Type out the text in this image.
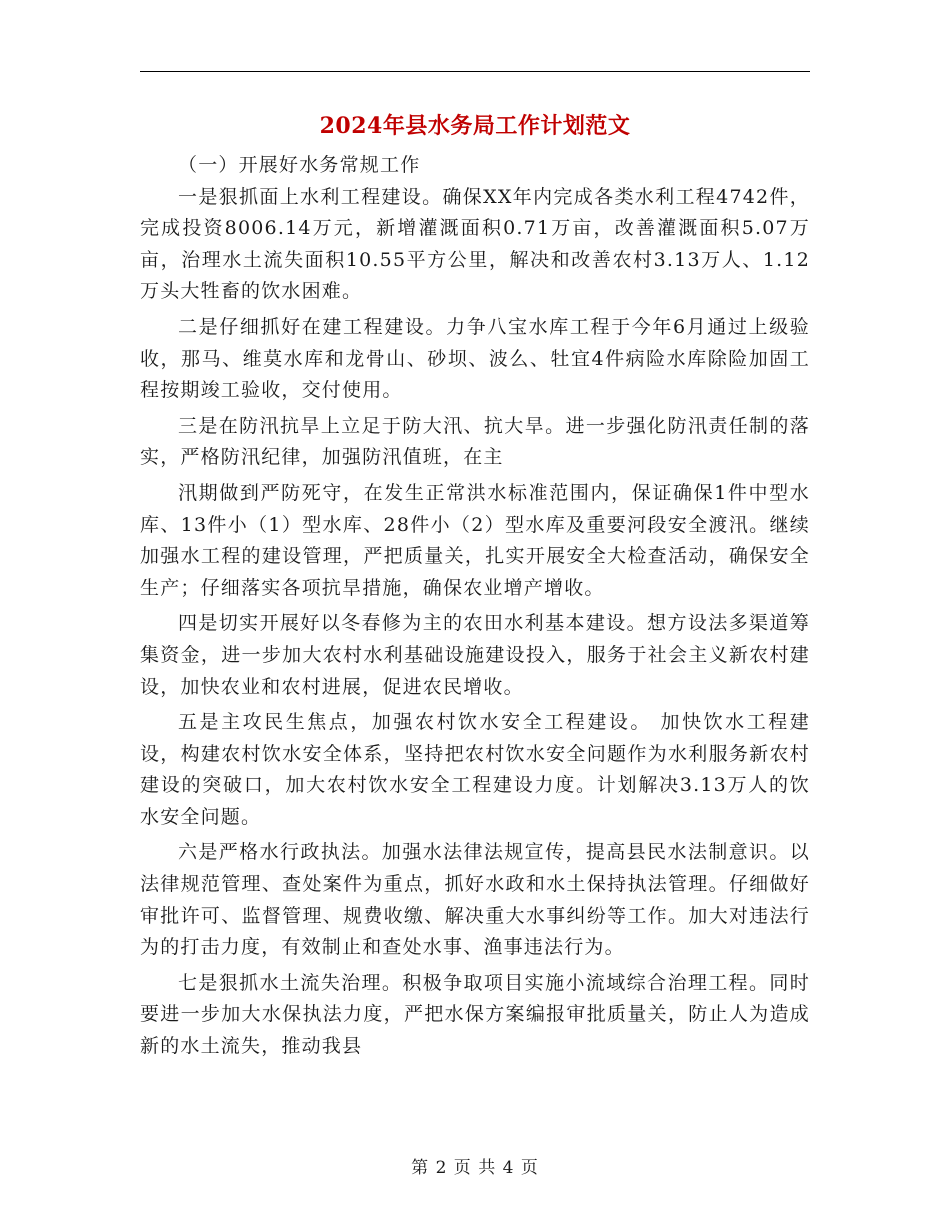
2024年县水务局工作计划范文

（一）开展好水务常规工作

一是狠抓面上水利工程建设。确保XX年内完成各类水利工程4742件，完成投资8006.14万元，新增灌溉面积0.71万亩，改善灌溉面积5.07万亩，治理水土流失面积10.55平方公里，解决和改善农村3.13万人、1.12万头大牲畜的饮水困难。

二是仔细抓好在建工程建设。力争八宝水库工程于今年6月通过上级验收，那马、维莫水库和龙骨山、砂坝、波么、牡宜4件病险水库除险加固工程按期竣工验收，交付使用。

三是在防汛抗旱上立足于防大汛、抗大旱。进一步强化防汛责任制的落实，严格防汛纪律，加强防汛值班，在主

汛期做到严防死守，在发生正常洪水标准范围内，保证确保1件中型水库、13件小（1）型水库、28件小（2）型水库及重要河段安全渡汛。继续加强水工程的建设管理，严把质量关，扎实开展安全大检查活动，确保安全生产；仔细落实各项抗旱措施，确保农业增产增收。

四是切实开展好以冬春修为主的农田水利基本建设。想方设法多渠道筹集资金，进一步加大农村水利基础设施建设投入，服务于社会主义新农村建设，加快农业和农村进展，促进农民增收。

五是主攻民生焦点，加强农村饮水安全工程建设。 加快饮水工程建设，构建农村饮水安全体系，坚持把农村饮水安全问题作为水利服务新农村建设的突破口，加大农村饮水安全工程建设力度。计划解决3.13万人的饮水安全问题。

六是严格水行政执法。加强水法律法规宣传，提高县民水法制意识。以法律规范管理、查处案件为重点，抓好水政和水土保持执法管理。仔细做好审批许可、监督管理、规费收缴、解决重大水事纠纷等工作。加大对违法行为的打击力度，有效制止和查处水事、渔事违法行为。

七是狠抓水土流失治理。积极争取项目实施小流域综合治理工程。同时要进一步加大水保执法力度，严把水保方案编报审批质量关，防止人为造成新的水土流失，推动我县

第 2 页 共 4 页
